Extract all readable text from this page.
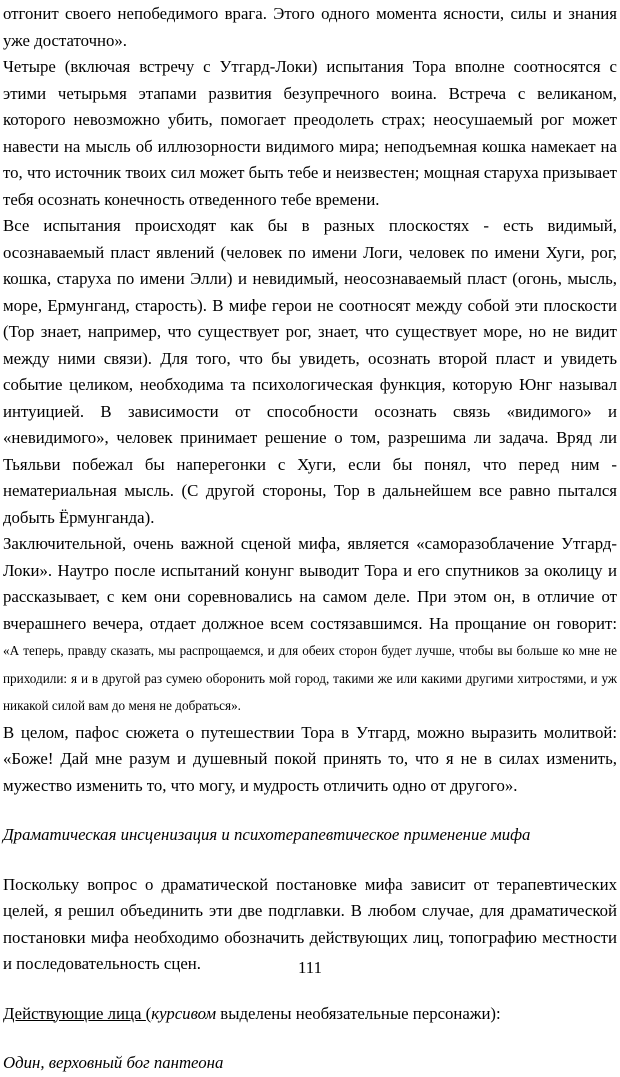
отгонит своего непобедимого врага. Этого одного момента ясности, силы и знания уже достаточно».

Четыре (включая встречу с Утгард-Локи) испытания Тора вполне соотносятся с этими четырьмя этапами развития безупречного воина. Встреча с великаном, которого невозможно убить, помогает преодолеть страх; неосушаемый рог может навести на мысль об иллюзорности видимого мира; неподъемная кошка намекает на то, что источник твоих сил может быть тебе и неизвестен; мощная старуха призывает тебя осознать конечность отведенного тебе времени.

Все испытания происходят как бы в разных плоскостях - есть видимый, осознаваемый пласт явлений (человек по имени Логи, человек по имени Хуги, рог, кошка, старуха по имени Элли) и невидимый, неосознаваемый пласт (огонь, мысль, море, Ермунганд, старость). В мифе герои не соотносят между собой эти плоскости (Тор знает, например, что существует рог, знает, что существует море, но не видит между ними связи). Для того, что бы увидеть, осознать второй пласт и увидеть событие целиком, необходима та психологическая функция, которую Юнг называл интуицией. В зависимости от способности осознать связь «видимого» и «невидимого», человек принимает решение о том, разрешима ли задача. Вряд ли Тьяльви побежал бы наперегонки с Хуги, если бы понял, что перед ним - нематериальная мысль. (С другой стороны, Тор в дальнейшем все равно пытался добыть Ёрмунганда).

Заключительной, очень важной сценой мифа, является «саморазоблачение Утгард-Локи». Наутро после испытаний конунг выводит Тора и его спутников за околицу и рассказывает, с кем они соревновались на самом деле. При этом он, в отличие от вчерашнего вечера, отдает должное всем состязавшимся. На прощание он говорит: «А теперь, правду сказать, мы распрощаемся, и для обеих сторон будет лучше, чтобы вы больше ко мне не приходили: я и в другой раз сумею оборонить мой город, такими же или какими другими хитростями, и уж никакой силой вам до меня не добраться».

В целом, пафос сюжета о путешествии Тора в Утгард, можно выразить молитвой: «Боже! Дай мне разум и душевный покой принять то, что я не в силах изменить, мужество изменить то, что могу, и мудрость отличить одно от другого».

Драматическая инсценизация и психотерапевтическое применение мифа

Поскольку вопрос о драматической постановке мифа зависит от терапевтических целей, я решил объединить эти две подглавки. В любом случае, для драматической постановки мифа необходимо обозначить действующих лиц, топографию местности и последовательность сцен.

Действующие лица (курсивом выделены необязательные персонажи):

Один, верховный бог пантеона

111
